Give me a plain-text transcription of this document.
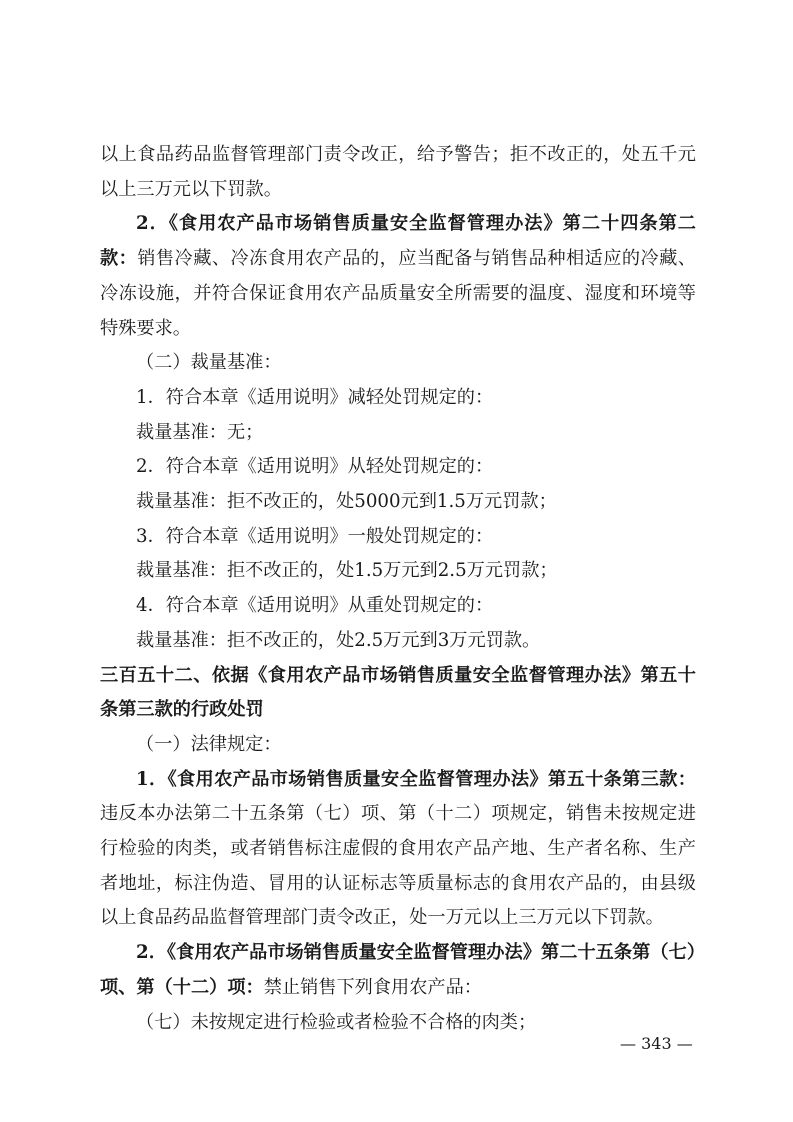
以上食品药品监督管理部门责令改正，给予警告；拒不改正的，处五千元以上三万元以下罚款。

2．《食用农产品市场销售质量安全监督管理办法》第二十四条第二款：销售冷藏、冷冻食用农产品的，应当配备与销售品种相适应的冷藏、冷冻设施，并符合保证食用农产品质量安全所需要的温度、湿度和环境等特殊要求。

（二）裁量基准：

1．符合本章《适用说明》减轻处罚规定的：

裁量基准：无；

2．符合本章《适用说明》从轻处罚规定的：

裁量基准：拒不改正的，处5000元到1.5万元罚款；

3．符合本章《适用说明》一般处罚规定的：

裁量基准：拒不改正的，处1.5万元到2.5万元罚款；

4．符合本章《适用说明》从重处罚规定的：

裁量基准：拒不改正的，处2.5万元到3万元罚款。

三百五十二、依据《食用农产品市场销售质量安全监督管理办法》第五十条第三款的行政处罚

（一）法律规定：

1．《食用农产品市场销售质量安全监督管理办法》第五十条第三款：违反本办法第二十五条第（七）项、第（十二）项规定，销售未按规定进行检验的肉类，或者销售标注虚假的食用农产品产地、生产者名称、生产者地址，标注伪造、冒用的认证标志等质量标志的食用农产品的，由县级以上食品药品监督管理部门责令改正，处一万元以上三万元以下罚款。

2．《食用农产品市场销售质量安全监督管理办法》第二十五条第（七）项、第（十二）项：禁止销售下列食用农产品：

（七）未按规定进行检验或者检验不合格的肉类；

— 343 —
